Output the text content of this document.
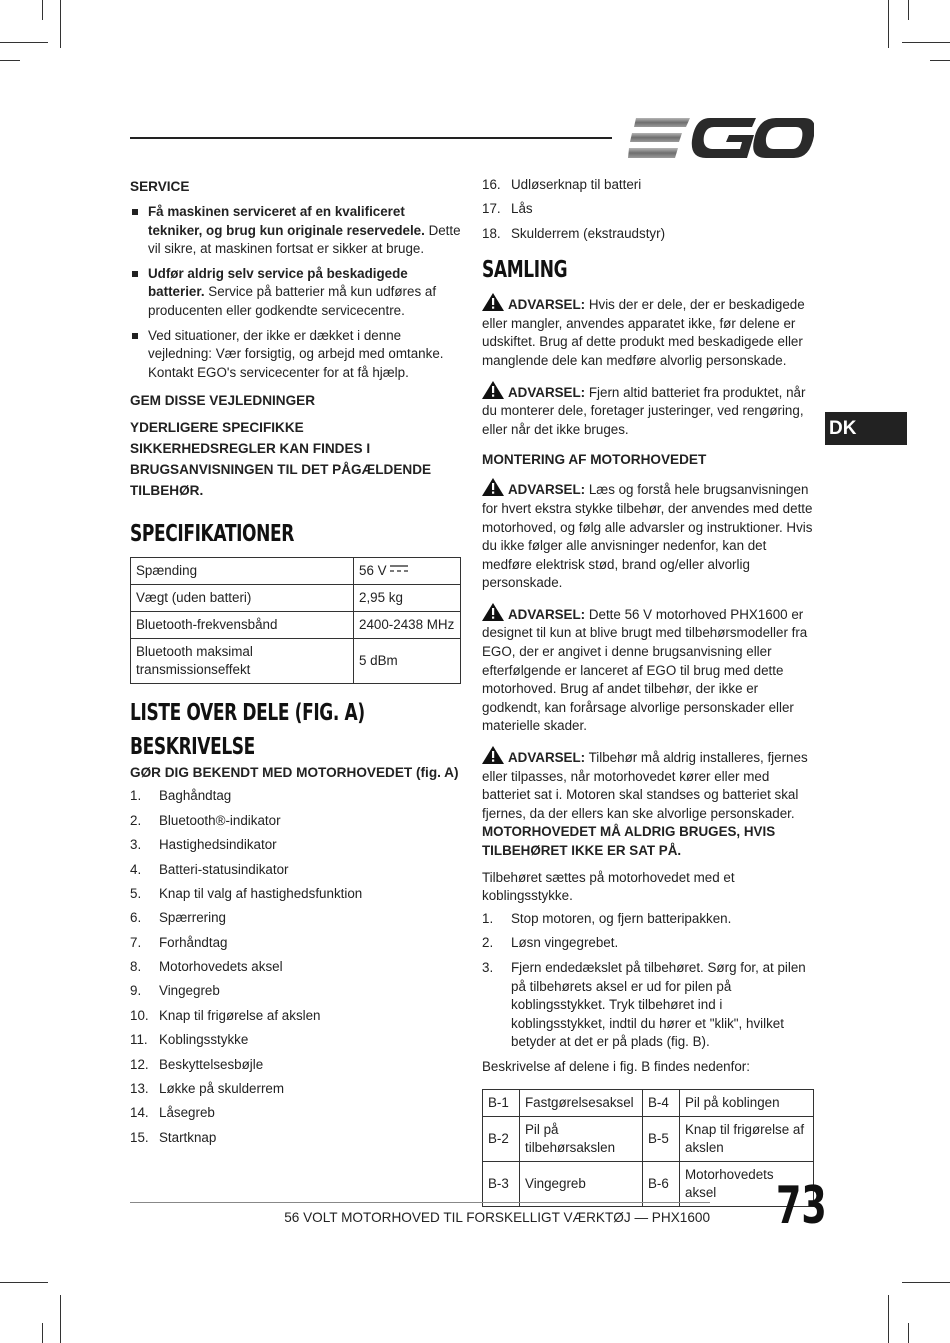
DK
SERVICE
Få maskinen serviceret af en kvalificeret tekniker, og brug kun originale reservedele. Dette vil sikre, at maskinen fortsat er sikker at bruge.
Udfør aldrig selv service på beskadigede batterier. Service på batterier må kun udføres af producenten eller godkendte servicecentre.
Ved situationer, der ikke er dækket i denne vejledning: Vær forsigtig, og arbejd med omtanke. Kontakt EGO's servicecenter for at få hjælp.
GEM DISSE VEJLEDNINGER
YDERLIGERE SPECIFIKKE SIKKERHEDSREGLER KAN FINDES I BRUGSANVISNINGEN TIL DET PÅGÆLDENDE TILBEHØR.
SPECIFIKATIONER
Spænding	56 V
Vægt (uden batteri)	2,95 kg
Bluetooth-frekvensbånd	2400-2438 MHz
Bluetooth maksimal transmissionseffekt	5 dBm
LISTE OVER DELE (FIG. A)
BESKRIVELSE
GØR DIG BEKENDT MED MOTORHOVEDET (fig. A)
1.	Baghåndtag
2.	Bluetooth®-indikator
3.	Hastighedsindikator
4.	Batteri-statusindikator
5.	Knap til valg af hastighedsfunktion
6.	Spærrering
7.	Forhåndtag
8.	Motorhovedets aksel
9.	Vingegreb
10. Knap til frigørelse af akslen
11. Koblingsstykke
12. Beskyttelsesbøjle
13. Løkke på skulderrem
14. Låsegreb
15. Startknap
16. Udløserknap til batteri
17. Lås
18. Skulderrem (ekstraudstyr)
SAMLING

ADVARSEL: Hvis der er dele, der er beskadigede eller mangler, anvendes apparatet ikke, før delene er udskiftet. Brug af dette produkt med beskadigede eller manglende dele kan medføre alvorlig personskade.

ADVARSEL: Fjern altid batteriet fra produktet, når du monterer dele, foretager justeringer, ved rengøring, eller når det ikke bruges.

MONTERING AF MOTORHOVEDET

ADVARSEL: Læs og forstå hele brugsanvisningen for hvert ekstra stykke tilbehør, der anvendes med dette motorhoved, og følg alle advarsler og instruktioner. Hvis du ikke følger alle anvisninger nedenfor, kan det medføre elektrisk stød, brand og/eller alvorlig personskade.

ADVARSEL: Dette 56 V motorhoved PHX1600 er designet til kun at blive brugt med tilbehørsmodeller fra EGO, der er angivet i denne brugsanvisning eller efterfølgende er lanceret af EGO til brug med dette motorhoved. Brug af andet tilbehør, der ikke er godkendt, kan forårsage alvorlige personskader eller materielle skader.

ADVARSEL: Tilbehør må aldrig installeres, fjernes eller tilpasses, når motorhovedet kører eller med batteriet sat i. Motoren skal standses og batteriet skal fjernes, da der ellers kan ske alvorlige personskader.
MOTORHOVEDET MÅ ALDRIG BRUGES, HVIS TILBEHØRET IKKE ER SAT PÅ.

Tilbehøret sættes på motorhovedet med et koblingsstykke.

1.	Stop motoren, og fjern batteripakken.
2.	Løsn vingegrebet.
3.	Fjern endedækslet på tilbehøret. Sørg for, at pilen på tilbehørets aksel er ud for pilen på koblingsstykket. Tryk tilbehøret ind i koblingsstykket, indtil du hører et "klik", hvilket betyder at det er på plads (fig. B).

Beskrivelse af delene i fig. B findes nedenfor:

B-1	Fastgørelsesaksel	B-4	Pil på koblingen
B-2	Pil på tilbehørsakslen	B-5	Knap til frigørelse af akslen
B-3	Vingegreb	B-6	Motorhovedets aksel
56 VOLT MOTORHOVED TIL FORSKELLIGT VÆRKTØJ — PHX1600 73
